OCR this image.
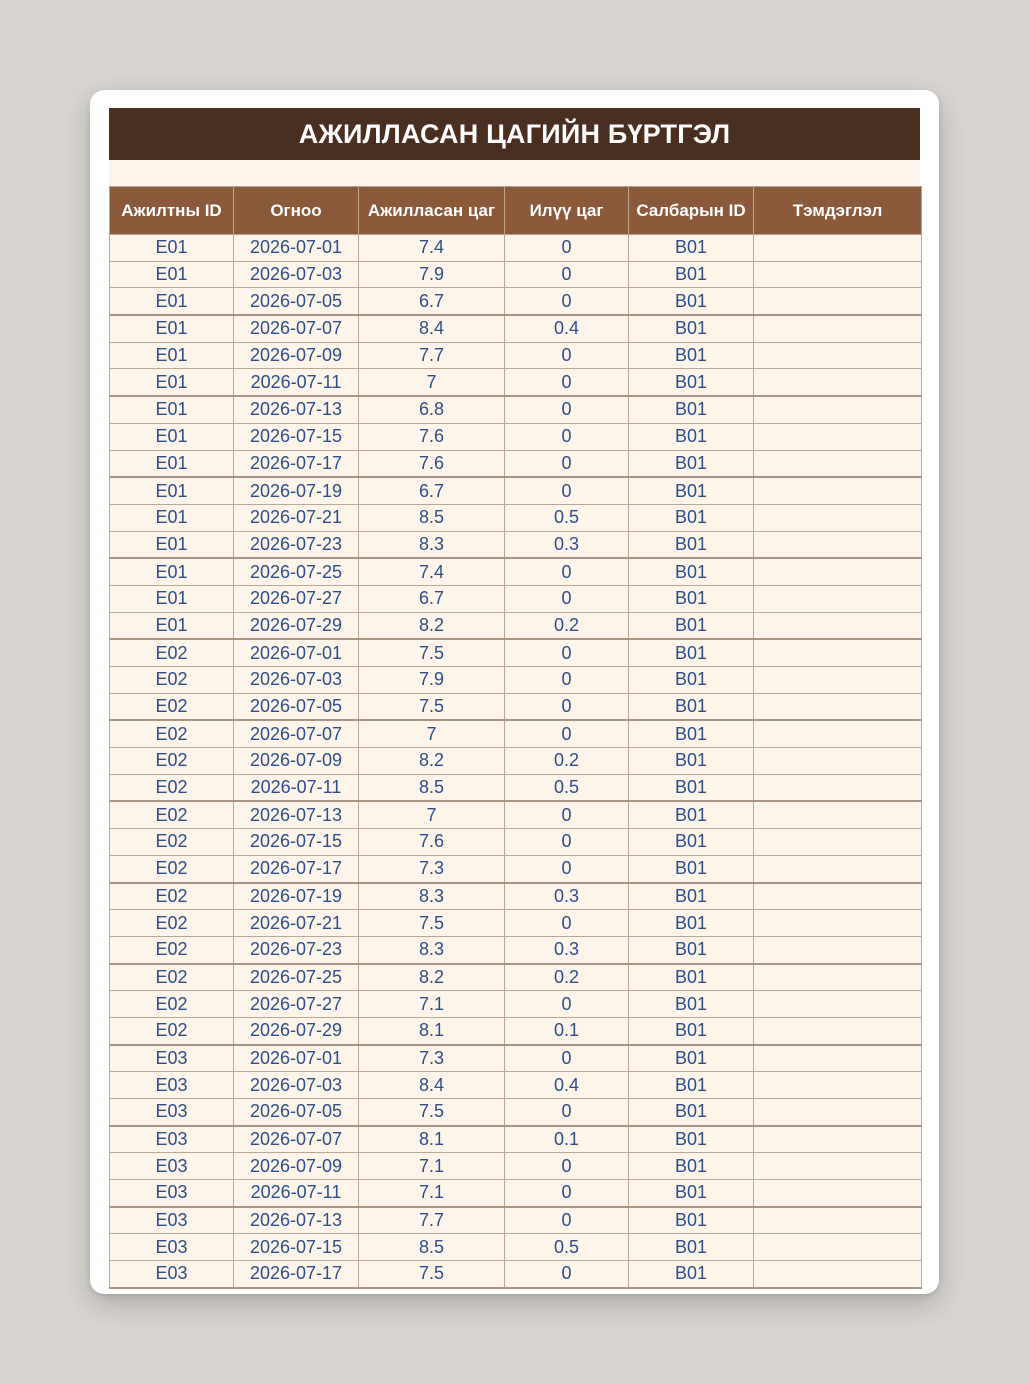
АЖИЛЛАСАН ЦАГИЙН БҮРТГЭЛ
Ажилтны ID	Огноо	Ажилласан цаг	Илүү цаг	Салбарын ID	Тэмдэглэл
E01	2026-07-01	7.4	0	B01	
E01	2026-07-03	7.9	0	B01	
E01	2026-07-05	6.7	0	B01	
E01	2026-07-07	8.4	0.4	B01	
E01	2026-07-09	7.7	0	B01	
E01	2026-07-11	7	0	B01	
E01	2026-07-13	6.8	0	B01	
E01	2026-07-15	7.6	0	B01	
E01	2026-07-17	7.6	0	B01	
E01	2026-07-19	6.7	0	B01	
E01	2026-07-21	8.5	0.5	B01	
E01	2026-07-23	8.3	0.3	B01	
E01	2026-07-25	7.4	0	B01	
E01	2026-07-27	6.7	0	B01	
E01	2026-07-29	8.2	0.2	B01	
E02	2026-07-01	7.5	0	B01	
E02	2026-07-03	7.9	0	B01	
E02	2026-07-05	7.5	0	B01	
E02	2026-07-07	7	0	B01	
E02	2026-07-09	8.2	0.2	B01	
E02	2026-07-11	8.5	0.5	B01	
E02	2026-07-13	7	0	B01	
E02	2026-07-15	7.6	0	B01	
E02	2026-07-17	7.3	0	B01	
E02	2026-07-19	8.3	0.3	B01	
E02	2026-07-21	7.5	0	B01	
E02	2026-07-23	8.3	0.3	B01	
E02	2026-07-25	8.2	0.2	B01	
E02	2026-07-27	7.1	0	B01	
E02	2026-07-29	8.1	0.1	B01	
E03	2026-07-01	7.3	0	B01	
E03	2026-07-03	8.4	0.4	B01	
E03	2026-07-05	7.5	0	B01	
E03	2026-07-07	8.1	0.1	B01	
E03	2026-07-09	7.1	0	B01	
E03	2026-07-11	7.1	0	B01	
E03	2026-07-13	7.7	0	B01	
E03	2026-07-15	8.5	0.5	B01	
E03	2026-07-17	7.5	0	B01	
